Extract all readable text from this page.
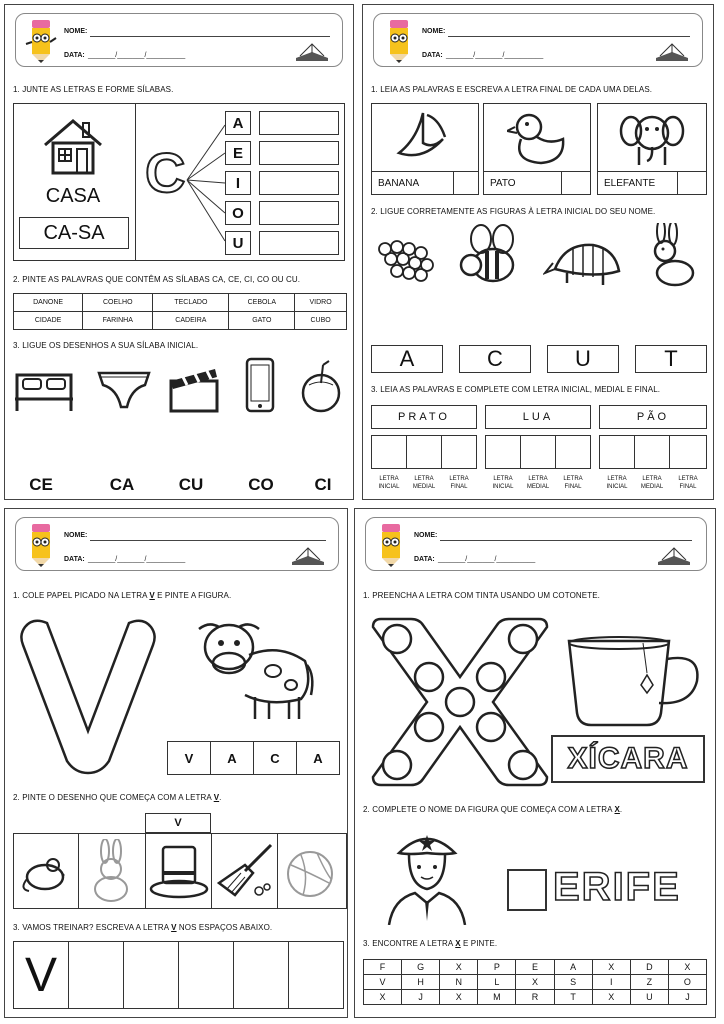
NOME:
DATA: _______/_______/__________
1. JUNTE AS LETRAS E FORME SÍLABAS.
CASA
CA-SA
C
A
E
I
O
U
2. PINTE AS PALAVRAS QUE CONTÊM AS SÍLABAS CA, CE, CI, CO OU CU.
DANONE	COELHO	TECLADO	CEBOLA	VIDRO
CIDADE	FARINHA	CADEIRA	GATO	CUBO
3. LIGUE OS DESENHOS A SUA SÍLABA INICIAL.
CE	CA	CU	CO	CI
NOME:
DATA: _______/_______/__________
1. LEIA AS PALAVRAS E ESCREVA A LETRA FINAL DE CADA UMA DELAS.
BANANA	PATO	ELEFANTE
2. LIGUE CORRETAMENTE AS FIGURAS À LETRA INICIAL DO SEU NOME.
A	C	U	T
3. LEIA AS PALAVRAS E COMPLETE COM LETRA INICIAL, MEDIAL E FINAL.
PRATO	LUA	PÃO
LETRA
INICIAL
LETRA
MEDIAL
LETRA
FINAL
LETRA
INICIAL
LETRA
MEDIAL
LETRA
FINAL
LETRA
INICIAL
LETRA
MEDIAL
LETRA
FINAL
NOME:
DATA: _______/_______/__________
1. COLE PAPEL PICADO NA LETRA V E PINTE A FIGURA.
V	A	C	A
2. PINTE O DESENHO QUE COMEÇA COM A LETRA V.
V
3. VAMOS TREINAR? ESCREVA A LETRA V NOS ESPAÇOS ABAIXO.
V
NOME:
DATA: _______/_______/__________
1. PREENCHA A LETRA COM TINTA USANDO UM COTONETE.
XÍCARA
2. COMPLETE O NOME DA FIGURA QUE COMEÇA COM A LETRA X.
ERIFE
3. ENCONTRE A LETRA X E PINTE.
F	G	X	P	E	A	X	D	X
V	H	N	L	X	S	I	Z	O
X	J	X	M	R	T	X	U	J
